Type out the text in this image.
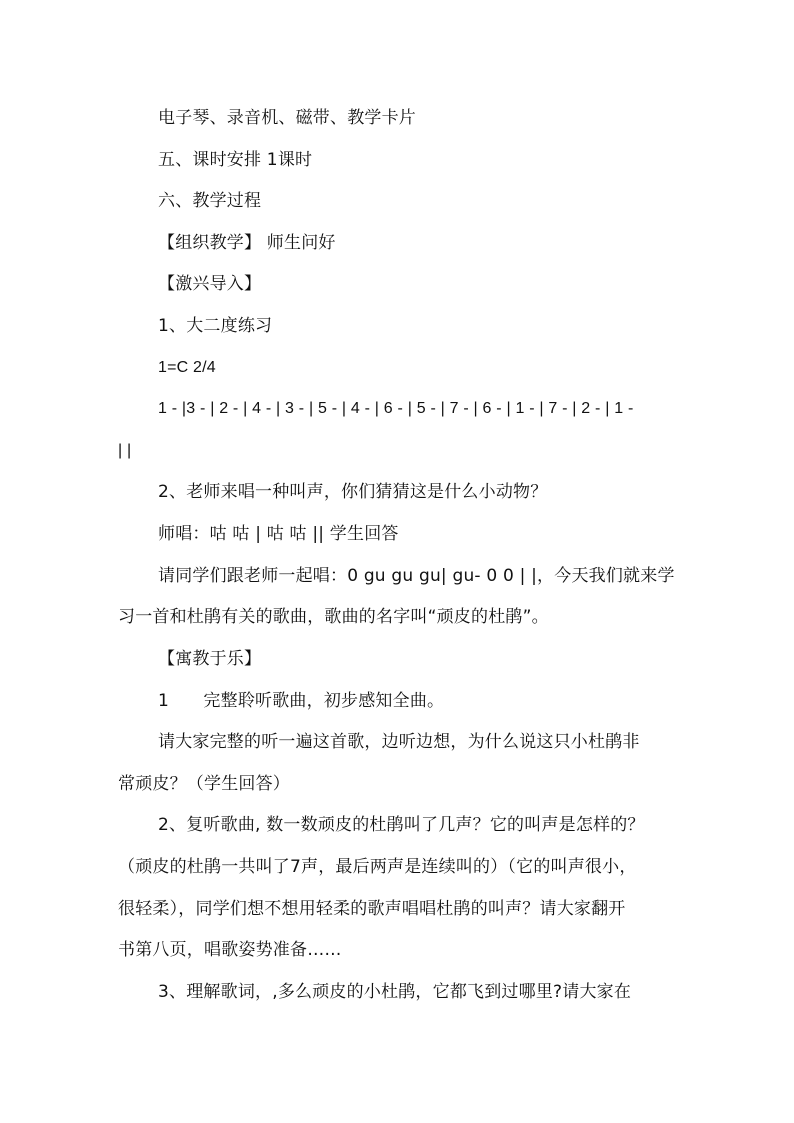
电子琴、录音机、磁带、教学卡片
五、课时安排 1课时
六、教学过程
【组织教学】 师生问好
【激兴导入】
1、大二度练习
1=C 2/4
1 - |3 - | 2 - | 4 - | 3 - | 5 - | 4 - | 6 - | 5 - | 7 - | 6 - | 1 - | 7 - | 2 - | 1 -
| |
2、老师来唱一种叫声，你们猜猜这是什么小动物？
师唱：咕 咕 | 咕 咕 || 学生回答
请同学们跟老师一起唱：0 gu gu gu| gu- 0 0 | |，今天我们就来学
习一首和杜鹃有关的歌曲，歌曲的名字叫“顽皮的杜鹃”。
【寓教于乐】
1　　完整聆听歌曲，初步感知全曲。
请大家完整的听一遍这首歌，边听边想，为什么说这只小杜鹃非
常顽皮？（学生回答）
2、复听歌曲, 数一数顽皮的杜鹃叫了几声？它的叫声是怎样的？
（顽皮的杜鹃一共叫了7声，最后两声是连续叫的）（它的叫声很小，
很轻柔），同学们想不想用轻柔的歌声唱唱杜鹃的叫声？请大家翻开
书第八页，唱歌姿势准备……
3、理解歌词，,多么顽皮的小杜鹃，它都飞到过哪里?请大家在
